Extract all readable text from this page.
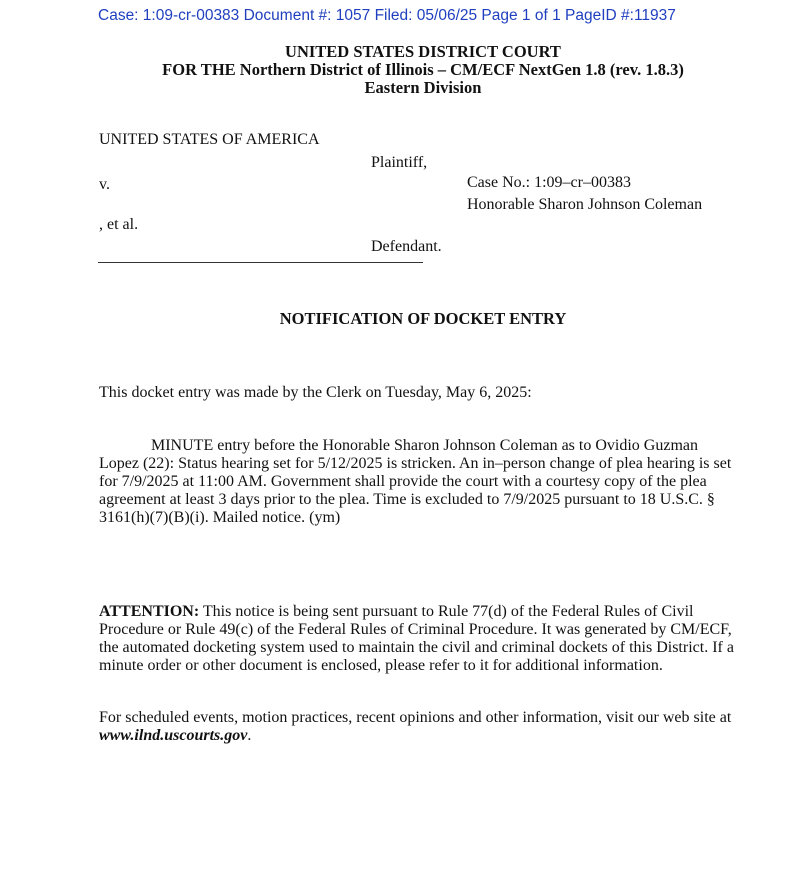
Case: 1:09-cr-00383 Document #: 1057 Filed: 05/06/25 Page 1 of 1 PageID #:11937
UNITED STATES DISTRICT COURT
FOR THE Northern District of Illinois – CM/ECF NextGen 1.8 (rev. 1.8.3)
Eastern Division
UNITED STATES OF AMERICA
Plaintiff,
v.	Case No.: 1:09–cr–00383
Honorable Sharon Johnson Coleman
, et al.
Defendant.
NOTIFICATION OF DOCKET ENTRY
This docket entry was made by the Clerk on Tuesday, May 6, 2025:
MINUTE entry before the Honorable Sharon Johnson Coleman as to Ovidio Guzman Lopez (22): Status hearing set for 5/12/2025 is stricken. An in–person change of plea hearing is set for 7/9/2025 at 11:00 AM. Government shall provide the court with a courtesy copy of the plea agreement at least 3 days prior to the plea. Time is excluded to 7/9/2025 pursuant to 18 U.S.C. § 3161(h)(7)(B)(i). Mailed notice. (ym)
ATTENTION: This notice is being sent pursuant to Rule 77(d) of the Federal Rules of Civil Procedure or Rule 49(c) of the Federal Rules of Criminal Procedure. It was generated by CM/ECF, the automated docketing system used to maintain the civil and criminal dockets of this District. If a minute order or other document is enclosed, please refer to it for additional information.
For scheduled events, motion practices, recent opinions and other information, visit our web site at www.ilnd.uscourts.gov.
